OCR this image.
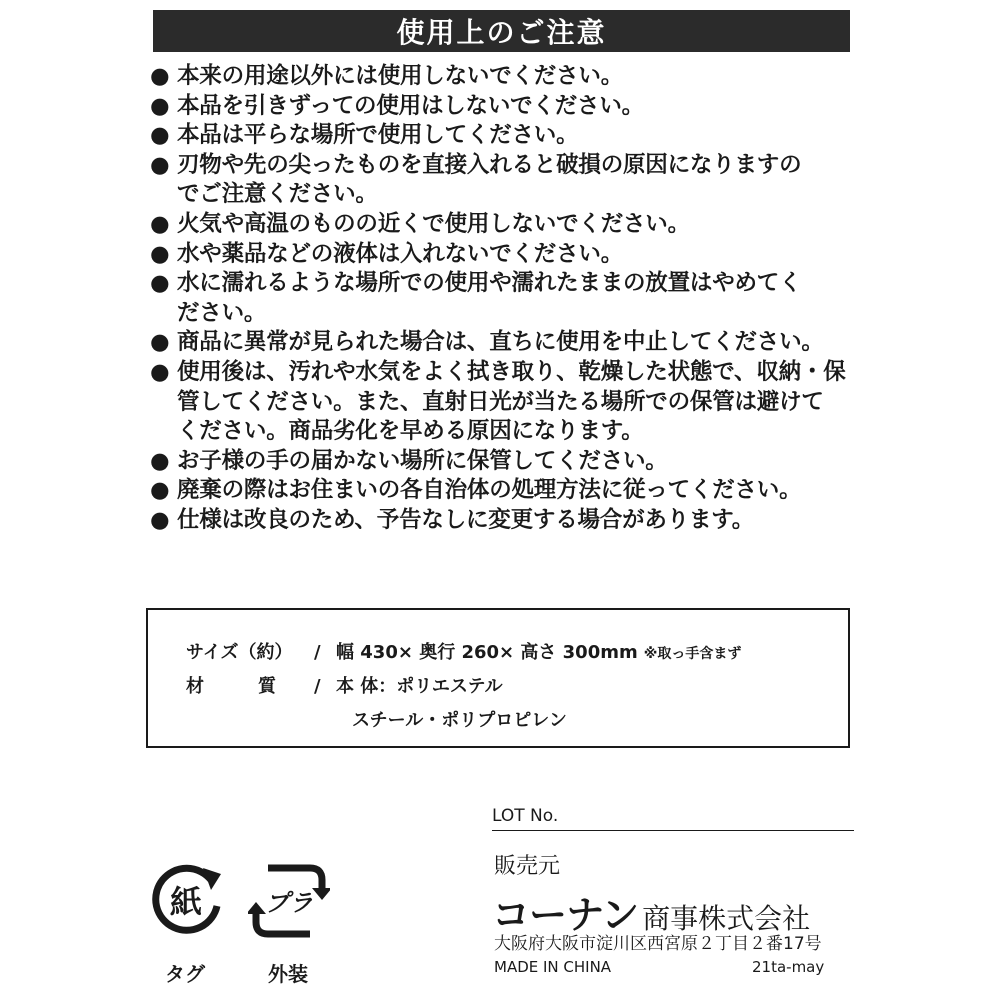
使用上のご注意
● 本来の用途以外には使用しないでください。
● 本品を引きずっての使用はしないでください。
● 本品は平らな場所で使用してください。
● 刃物や先の尖ったものを直接入れると破損の原因になりますの
でご注意ください。
● 火気や高温のものの近くで使用しないでください。
● 水や薬品などの液体は入れないでください。
● 水に濡れるような場所での使用や濡れたままの放置はやめてく
ださい。
● 商品に異常が見られた場合は、直ちに使用を中止してください。
● 使用後は、汚れや水気をよく拭き取り、乾燥した状態で、収納・保
管してください。また、直射日光が当たる場所での保管は避けて
ください。商品劣化を早める原因になります。
● お子様の手の届かない場所に保管してください。
● 廃棄の際はお住まいの各自治体の処理方法に従ってください。
● 仕様は改良のため、予告なしに変更する場合があります。
サイズ（約）	/ 幅 430× 奥行 260× 高さ 300mm ※取っ手含まず
材　　　質	/ 本 体：ポリエステル
スチール・ポリプロピレン
LOT No.
販売元
コーナン 商事株式会社
大阪府大阪市淀川区西宮原２丁目２番17号
MADE IN CHINA	21ta-may
紙	プラ
タグ	外装
